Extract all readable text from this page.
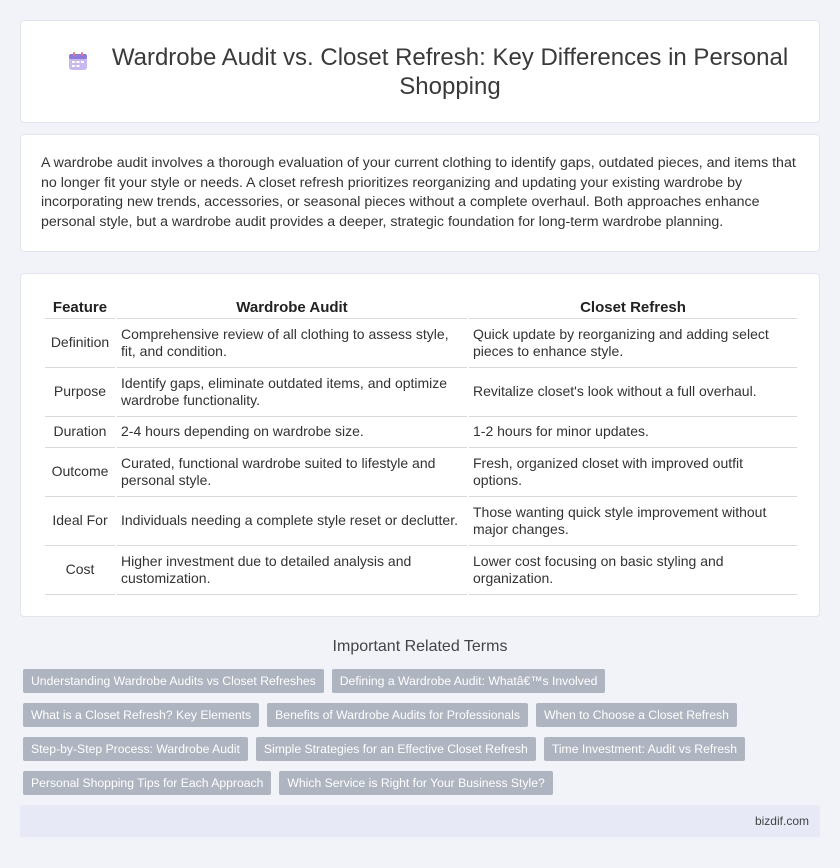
Wardrobe Audit vs. Closet Refresh: Key Differences in Personal Shopping

A wardrobe audit involves a thorough evaluation of your current clothing to identify gaps, outdated pieces, and items that no longer fit your style or needs. A closet refresh prioritizes reorganizing and updating your existing wardrobe by incorporating new trends, accessories, or seasonal pieces without a complete overhaul. Both approaches enhance personal style, but a wardrobe audit provides a deeper, strategic foundation for long-term wardrobe planning.

Feature	Wardrobe Audit	Closet Refresh
Definition	Comprehensive review of all clothing to assess style, fit, and condition.	Quick update by reorganizing and adding select pieces to enhance style.
Purpose	Identify gaps, eliminate outdated items, and optimize wardrobe functionality.	Revitalize closet's look without a full overhaul.
Duration	2-4 hours depending on wardrobe size.	1-2 hours for minor updates.
Outcome	Curated, functional wardrobe suited to lifestyle and personal style.	Fresh, organized closet with improved outfit options.
Ideal For	Individuals needing a complete style reset or declutter.	Those wanting quick style improvement without major changes.
Cost	Higher investment due to detailed analysis and customization.	Lower cost focusing on basic styling and organization.
Important Related Terms
Understanding Wardrobe Audits vs Closet Refreshes	Defining a Wardrobe Audit: Whatâ€™s Involved
What is a Closet Refresh? Key Elements	Benefits of Wardrobe Audits for Professionals	When to Choose a Closet Refresh
Step-by-Step Process: Wardrobe Audit	Simple Strategies for an Effective Closet Refresh	Time Investment: Audit vs Refresh
Personal Shopping Tips for Each Approach	Which Service is Right for Your Business Style?
bizdif.com
